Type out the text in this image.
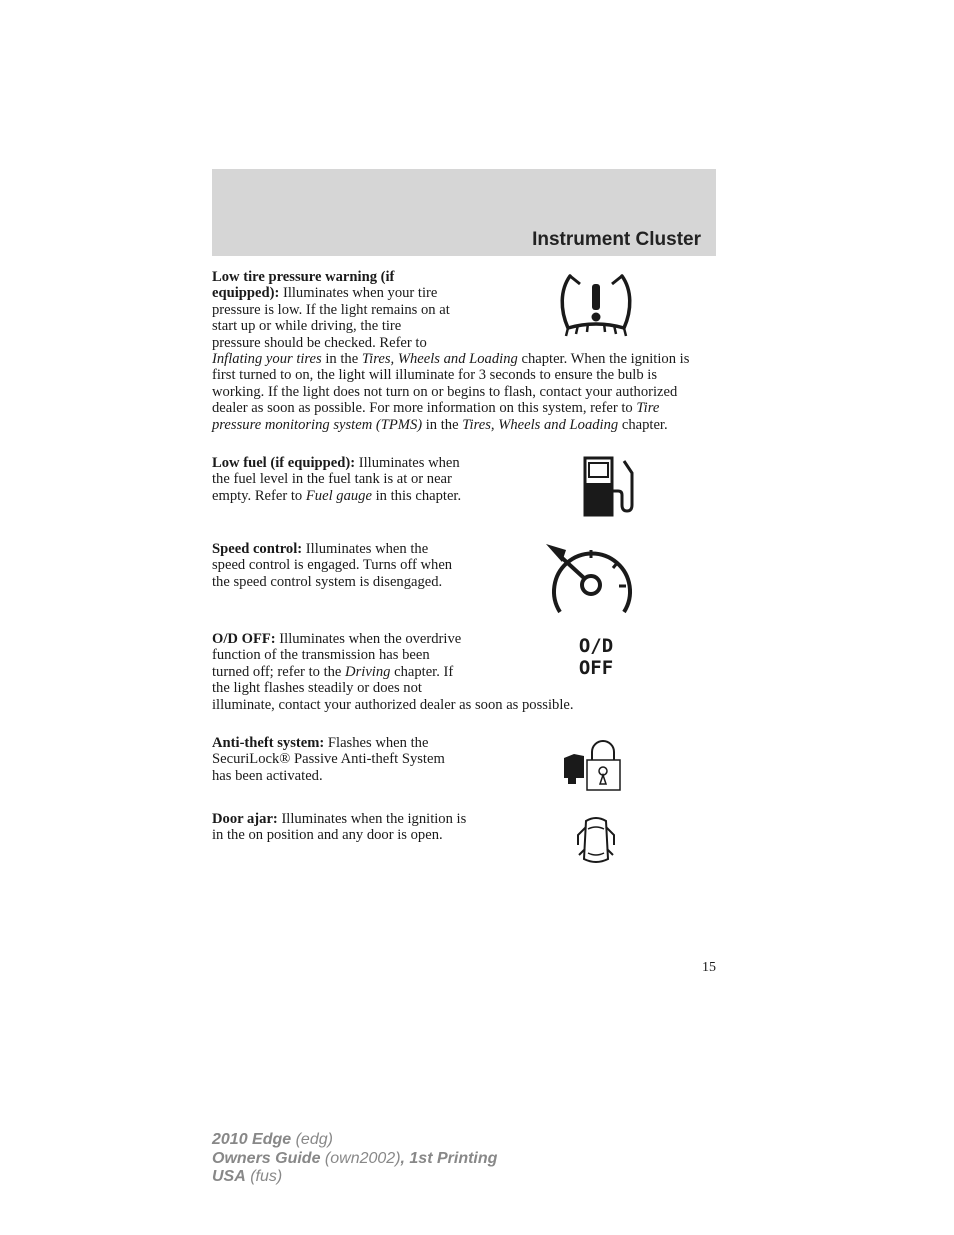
Instrument Cluster
Low tire pressure warning (if equipped): Illuminates when your tire pressure is low. If the light remains on at start up or while driving, the tire pressure should be checked. Refer to Inflating your tires in the Tires, Wheels and Loading chapter. When the ignition is first turned to on, the light will illuminate for 3 seconds to ensure the bulb is working. If the light does not turn on or begins to flash, contact your authorized dealer as soon as possible. For more information on this system, refer to Tire pressure monitoring system (TPMS) in the Tires, Wheels and Loading chapter.
Low fuel (if equipped): Illuminates when the fuel level in the fuel tank is at or near empty. Refer to Fuel gauge in this chapter.
Speed control: Illuminates when the speed control is engaged. Turns off when the speed control system is disengaged.
O/D OFF: Illuminates when the overdrive function of the transmission has been turned off; refer to the Driving chapter. If the light flashes steadily or does not illuminate, contact your authorized dealer as soon as possible.
O/D
OFF
Anti-theft system: Flashes when the SecuriLock® Passive Anti-theft System has been activated.
Door ajar: Illuminates when the ignition is in the on position and any door is open.
15
2010 Edge (edg)
Owners Guide (own2002), 1st Printing
USA (fus)
